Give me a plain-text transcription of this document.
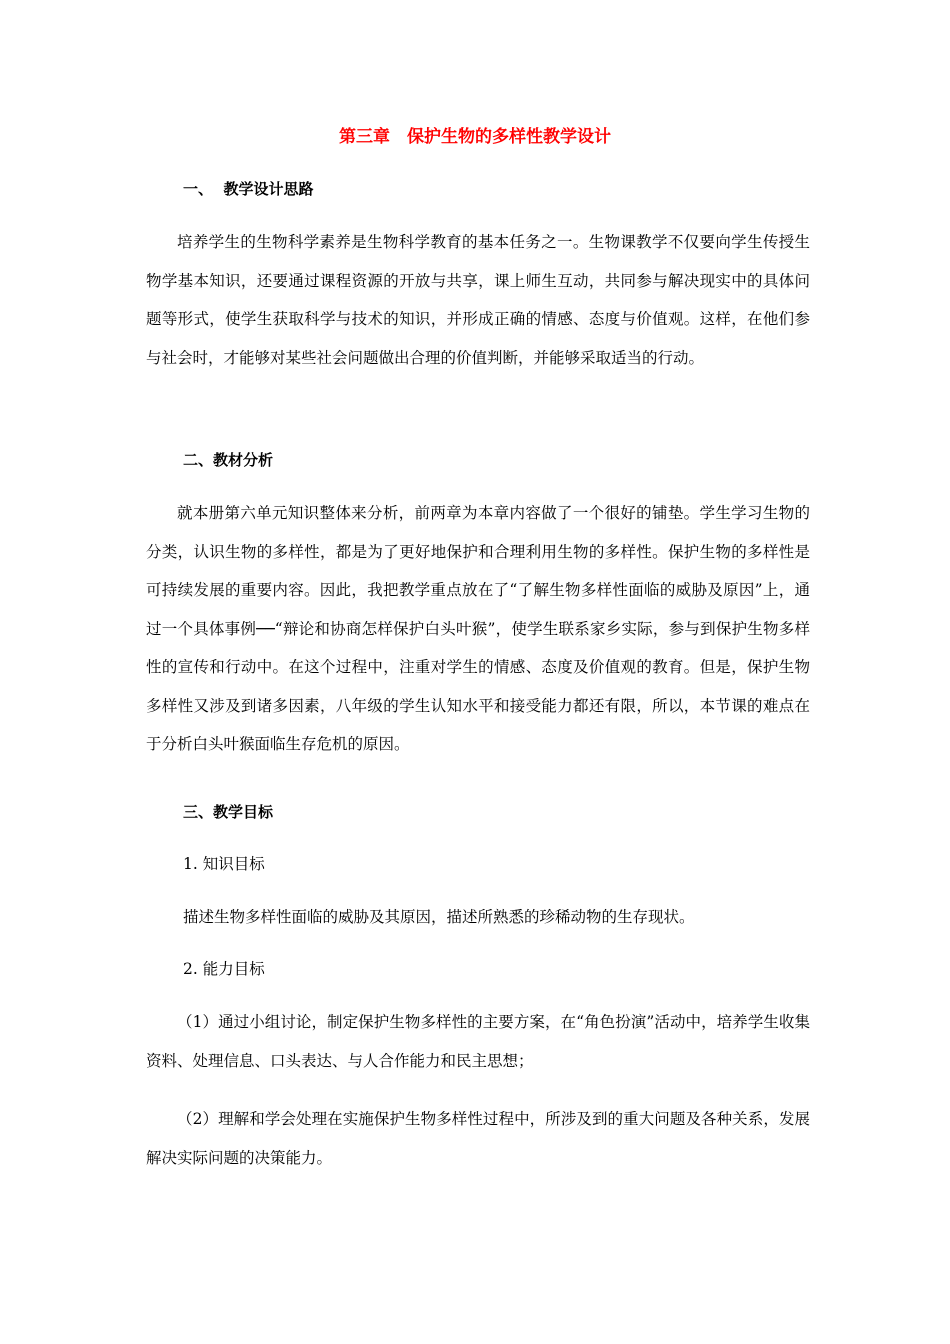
第三章　保护生物的多样性教学设计
一、  教学设计思路

培养学生的生物科学素养是生物科学教育的基本任务之一。生物课教学不仅要向学生传授生物学基本知识，还要通过课程资源的开放与共享，课上师生互动，共同参与解决现实中的具体问题等形式，使学生获取科学与技术的知识，并形成正确的情感、态度与价值观。这样，在他们参与社会时，才能够对某些社会问题做出合理的价值判断，并能够采取适当的行动。

二、教材分析

就本册第六单元知识整体来分析，前两章为本章内容做了一个很好的铺垫。学生学习生物的分类，认识生物的多样性，都是为了更好地保护和合理利用生物的多样性。保护生物的多样性是可持续发展的重要内容。因此，我把教学重点放在了“了解生物多样性面临的威胁及原因”上，通过一个具体事例──“辩论和协商怎样保护白头叶猴”，使学生联系家乡实际，参与到保护生物多样性的宣传和行动中。在这个过程中，注重对学生的情感、态度及价值观的教育。但是，保护生物多样性又涉及到诸多因素，八年级的学生认知水平和接受能力都还有限，所以，本节课的难点在于分析白头叶猴面临生存危机的原因。

三、教学目标
1. 知识目标

描述生物多样性面临的威胁及其原因，描述所熟悉的珍稀动物的生存现状。

2. 能力目标

（1）通过小组讨论，制定保护生物多样性的主要方案，在“角色扮演”活动中，培养学生收集资料、处理信息、口头表达、与人合作能力和民主思想；

（2）理解和学会处理在实施保护生物多样性过程中，所涉及到的重大问题及各种关系，发展解决实际问题的决策能力。
